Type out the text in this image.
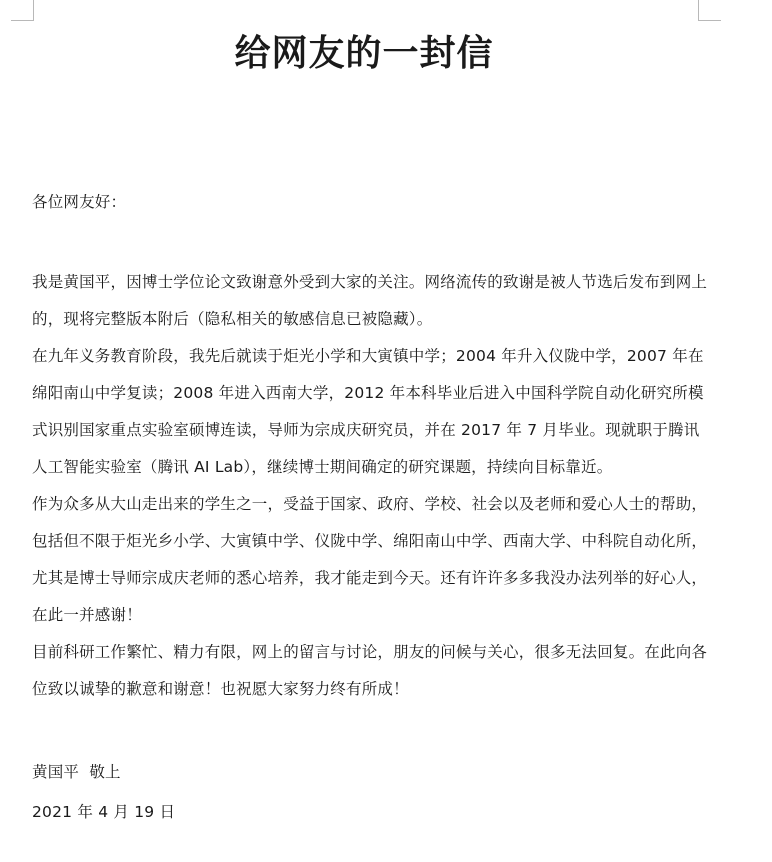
给网友的一封信
各位网友好：

我是黄国平，因博士学位论文致谢意外受到大家的关注。网络流传的致谢是被人节选后发布到网上的，现将完整版本附后（隐私相关的敏感信息已被隐藏）。

在九年义务教育阶段，我先后就读于炬光小学和大寅镇中学；2004 年升入仪陇中学，2007 年在绵阳南山中学复读；2008 年进入西南大学，2012 年本科毕业后进入中国科学院自动化研究所模式识别国家重点实验室硕博连读，导师为宗成庆研究员，并在 2017 年 7 月毕业。现就职于腾讯人工智能实验室（腾讯 AI Lab），继续博士期间确定的研究课题，持续向目标靠近。

作为众多从大山走出来的学生之一，受益于国家、政府、学校、社会以及老师和爱心人士的帮助，包括但不限于炬光乡小学、大寅镇中学、仪陇中学、绵阳南山中学、西南大学、中科院自动化所，尤其是博士导师宗成庆老师的悉心培养，我才能走到今天。还有许许多多我没办法列举的好心人，在此一并感谢！

目前科研工作繁忙、精力有限，网上的留言与讨论，朋友的问候与关心，很多无法回复。在此向各位致以诚挚的歉意和谢意！也祝愿大家努力终有所成！

黄国平  敬上
2021 年 4 月 19 日
